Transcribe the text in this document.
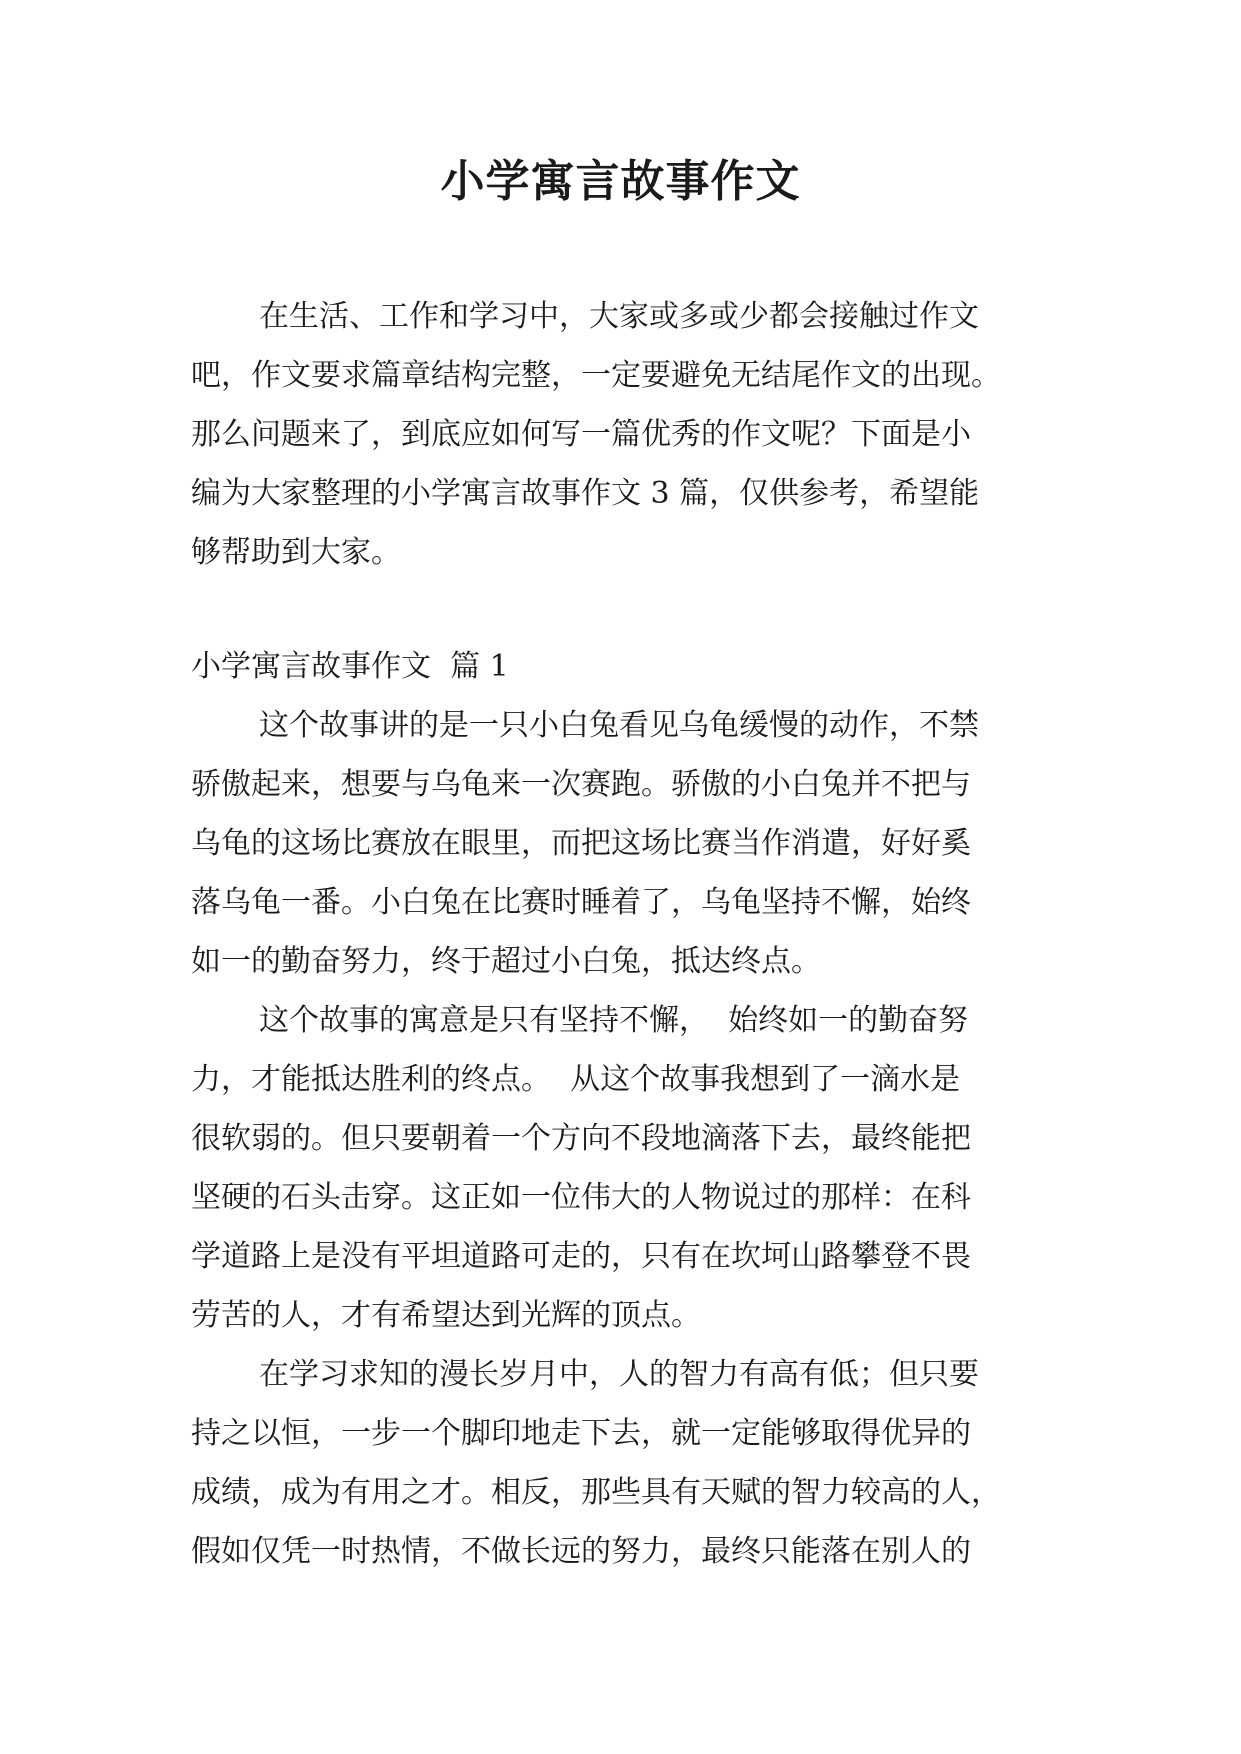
小学寓言故事作文
在生活、工作和学习中，大家或多或少都会接触过作文
吧，作文要求篇章结构完整，一定要避免无结尾作文的出现。
那么问题来了，到底应如何写一篇优秀的作文呢？下面是小
编为大家整理的小学寓言故事作文 3 篇，仅供参考，希望能
够帮助到大家。
小学寓言故事作文  篇 1
这个故事讲的是一只小白兔看见乌龟缓慢的动作，不禁
骄傲起来，想要与乌龟来一次赛跑。骄傲的小白兔并不把与
乌龟的这场比赛放在眼里，而把这场比赛当作消遣，好好奚
落乌龟一番。小白兔在比赛时睡着了，乌龟坚持不懈，始终
如一的勤奋努力，终于超过小白兔，抵达终点。
这个故事的寓意是只有坚持不懈，  始终如一的勤奋努
力，才能抵达胜利的终点。  从这个故事我想到了一滴水是
很软弱的。但只要朝着一个方向不段地滴落下去，最终能把
坚硬的石头击穿。这正如一位伟大的人物说过的那样：在科
学道路上是没有平坦道路可走的，只有在坎坷山路攀登不畏
劳苦的人，才有希望达到光辉的顶点。
在学习求知的漫长岁月中，人的智力有高有低；但只要
持之以恒，一步一个脚印地走下去，就一定能够取得优异的
成绩，成为有用之才。相反，那些具有天赋的智力较高的人，
假如仅凭一时热情，不做长远的努力，最终只能落在别人的
